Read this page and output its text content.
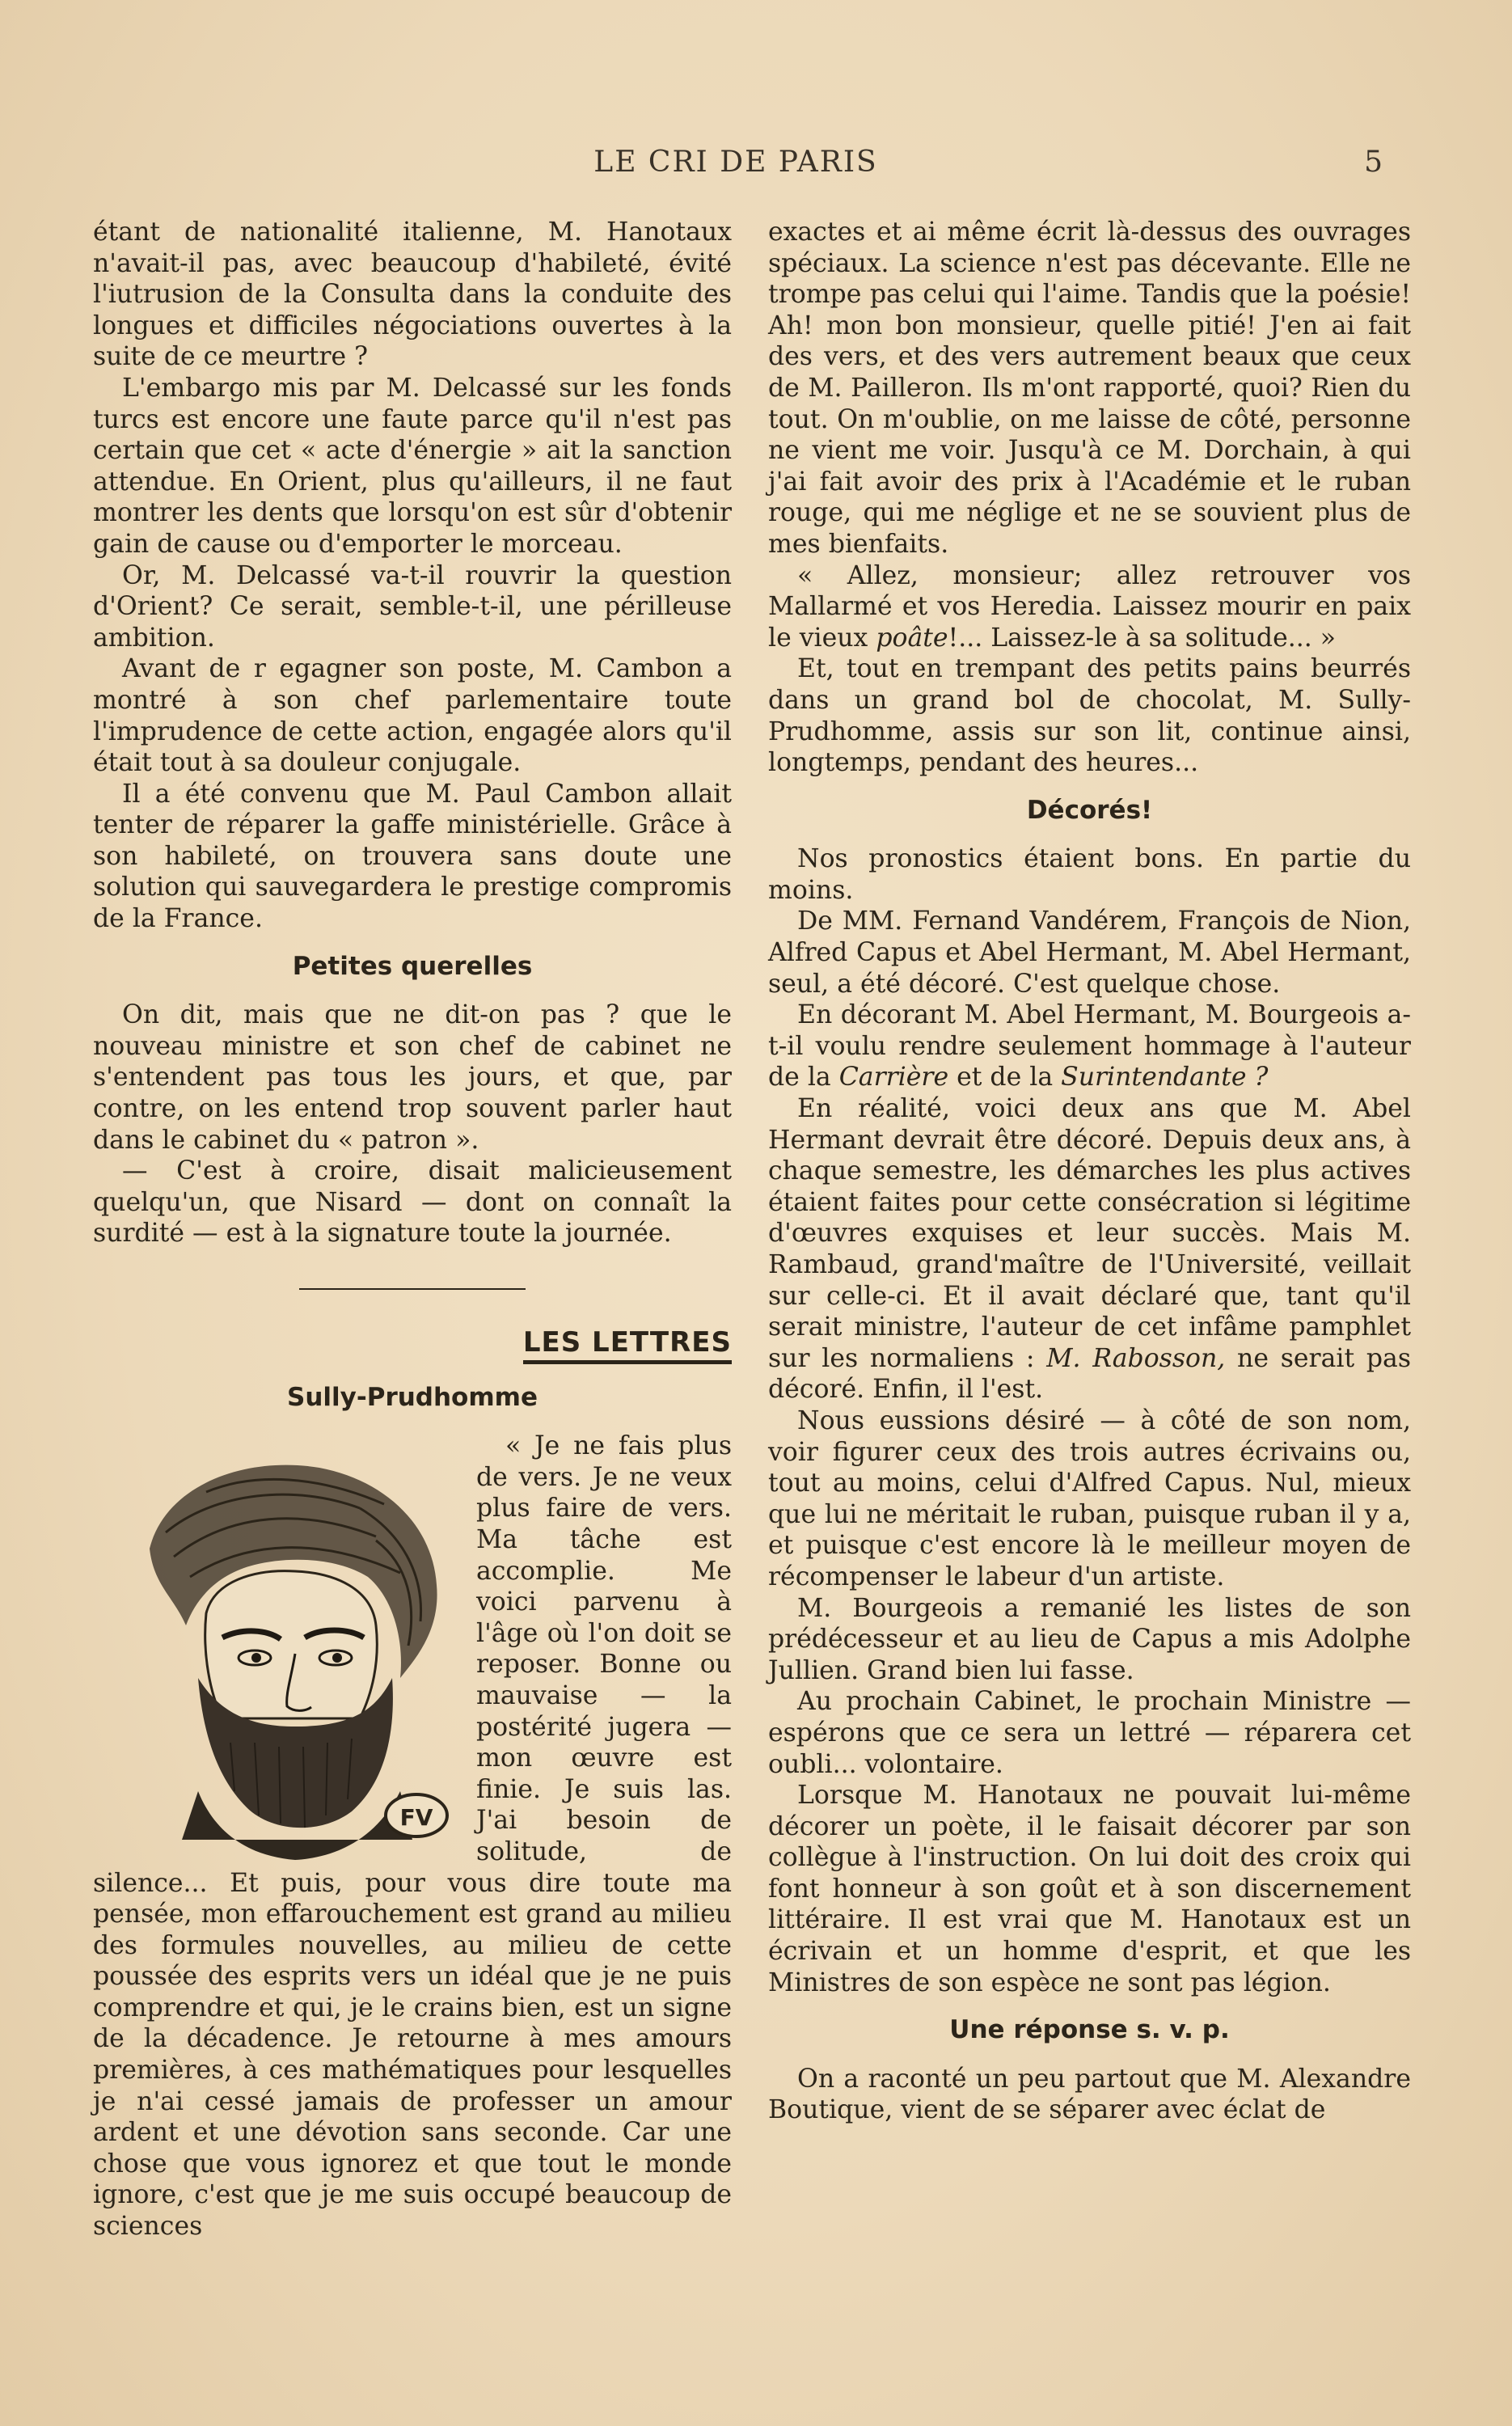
LE CRI DE PARIS	5

étant de nationalité italienne, M. Hanotaux n'avait-il pas, avec beaucoup d'habileté, évité l'iutrusion de la Consulta dans la conduite des longues et difficiles négociations ouvertes à la suite de ce meurtre ?

L'embargo mis par M. Delcassé sur les fonds turcs est encore une faute parce qu'il n'est pas certain que cet « acte d'énergie » ait la sanction attendue. En Orient, plus qu'ailleurs, il ne faut montrer les dents que lorsqu'on est sûr d'obtenir gain de cause ou d'emporter le morceau.

Or, M. Delcassé va-t-il rouvrir la question d'Orient? Ce serait, semble-t-il, une périlleuse ambition.

Avant de r egagner son poste, M. Cambon a montré à son chef parlementaire toute l'imprudence de cette action, engagée alors qu'il était tout à sa douleur conjugale.

Il a été convenu que M. Paul Cambon allait tenter de réparer la gaffe ministérielle. Grâce à son habileté, on trouvera sans doute une solution qui sauvegardera le prestige compromis de la France.

Petites querelles

On dit, mais que ne dit-on pas ? que le nouveau ministre et son chef de cabinet ne s'entendent pas tous les jours, et que, par contre, on les entend trop souvent parler haut dans le cabinet du « patron ».

— C'est à croire, disait malicieusement quelqu'un, que Nisard — dont on connaît la surdité — est à la signature toute la journée.

LES LETTRES
Sully-Prudhomme
FV

« Je ne fais plus de vers. Je ne veux plus faire de vers. Ma tâche est accomplie. Me voici parvenu à l'âge où l'on doit se reposer. Bonne ou mauvaise — la postérité jugera — mon œuvre est finie. Je suis las. J'ai besoin de solitude, de silence... Et puis, pour vous dire toute ma pensée, mon effarouchement est grand au milieu des formules nouvelles, au milieu de cette poussée des esprits vers un idéal que je ne puis comprendre et qui, je le crains bien, est un signe de la décadence. Je retourne à mes amours premières, à ces mathématiques pour lesquelles je n'ai cessé jamais de professer un amour ardent et une dévotion sans seconde. Car une chose que vous ignorez et que tout le monde ignore, c'est que je me suis occupé beaucoup de sciences

exactes et ai même écrit là-dessus des ouvrages spéciaux. La science n'est pas décevante. Elle ne trompe pas celui qui l'aime. Tandis que la poésie! Ah! mon bon monsieur, quelle pitié! J'en ai fait des vers, et des vers autrement beaux que ceux de M. Pailleron. Ils m'ont rapporté, quoi? Rien du tout. On m'oublie, on me laisse de côté, personne ne vient me voir. Jusqu'à ce M. Dorchain, à qui j'ai fait avoir des prix à l'Académie et le ruban rouge, qui me néglige et ne se souvient plus de mes bienfaits.

« Allez, monsieur; allez retrouver vos Mallarmé et vos Heredia. Laissez mourir en paix le vieux poâte!... Laissez-le à sa solitude... »

Et, tout en trempant des petits pains beurrés dans un grand bol de chocolat, M. Sully-Prudhomme, assis sur son lit, continue ainsi, longtemps, pendant des heures...

Décorés!

Nos pronostics étaient bons. En partie du moins.

De MM. Fernand Vandérem, François de Nion, Alfred Capus et Abel Hermant, M. Abel Hermant, seul, a été décoré. C'est quelque chose.

En décorant M. Abel Hermant, M. Bourgeois a-t-il voulu rendre seulement hommage à l'auteur de la Carrière et de la Surintendante ?

En réalité, voici deux ans que M. Abel Hermant devrait être décoré. Depuis deux ans, à chaque semestre, les démarches les plus actives étaient faites pour cette consécration si légitime d'œuvres exquises et leur succès. Mais M. Rambaud, grand'maître de l'Université, veillait sur celle-ci. Et il avait déclaré que, tant qu'il serait ministre, l'auteur de cet infâme pamphlet sur les normaliens : M. Rabosson, ne serait pas décoré. Enfin, il l'est.

Nous eussions désiré — à côté de son nom, voir figurer ceux des trois autres écrivains ou, tout au moins, celui d'Alfred Capus. Nul, mieux que lui ne méritait le ruban, puisque ruban il y a, et puisque c'est encore là le meilleur moyen de récompenser le labeur d'un artiste.

M. Bourgeois a remanié les listes de son prédécesseur et au lieu de Capus a mis Adolphe Jullien. Grand bien lui fasse.

Au prochain Cabinet, le prochain Ministre — espérons que ce sera un lettré — réparera cet oubli... volontaire.

Lorsque M. Hanotaux ne pouvait lui-même décorer un poète, il le faisait décorer par son collègue à l'instruction. On lui doit des croix qui font honneur à son goût et à son discernement littéraire. Il est vrai que M. Hanotaux est un écrivain et un homme d'esprit, et que les Ministres de son espèce ne sont pas légion.

Une réponse s. v. p.

On a raconté un peu partout que M. Alexandre Boutique, vient de se séparer avec éclat de
